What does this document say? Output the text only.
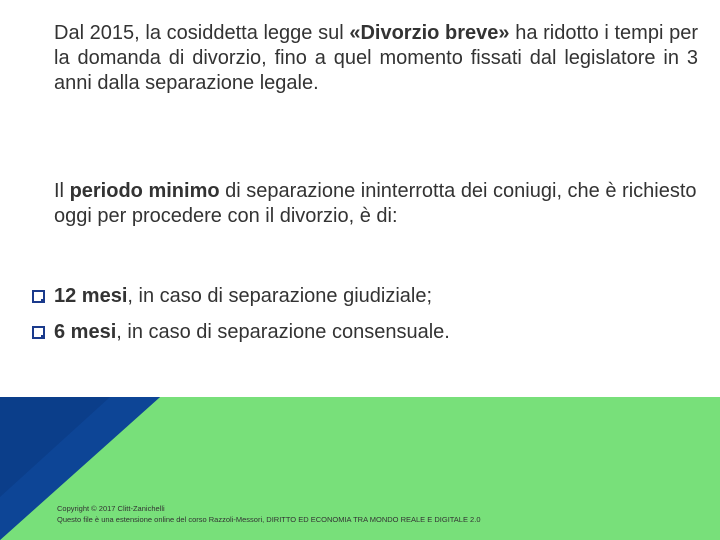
Dal 2015, la cosiddetta legge sul «Divorzio breve» ha ridotto i tempi per la domanda di divorzio, fino a quel momento fissati dal legislatore in 3 anni dalla separazione legale.

Il periodo minimo di separazione ininterrotta dei coniugi, che è richiesto oggi per procedere con il divorzio, è di:

12 mesi, in caso di separazione giudiziale;
6 mesi, in caso di separazione consensuale.
Copyright © 2017 Clitt-Zanichelli
Questo file è una estensione online del corso Razzoli-Messori, DIRITTO ED ECONOMIA TRA MONDO REALE E DIGITALE 2.0
